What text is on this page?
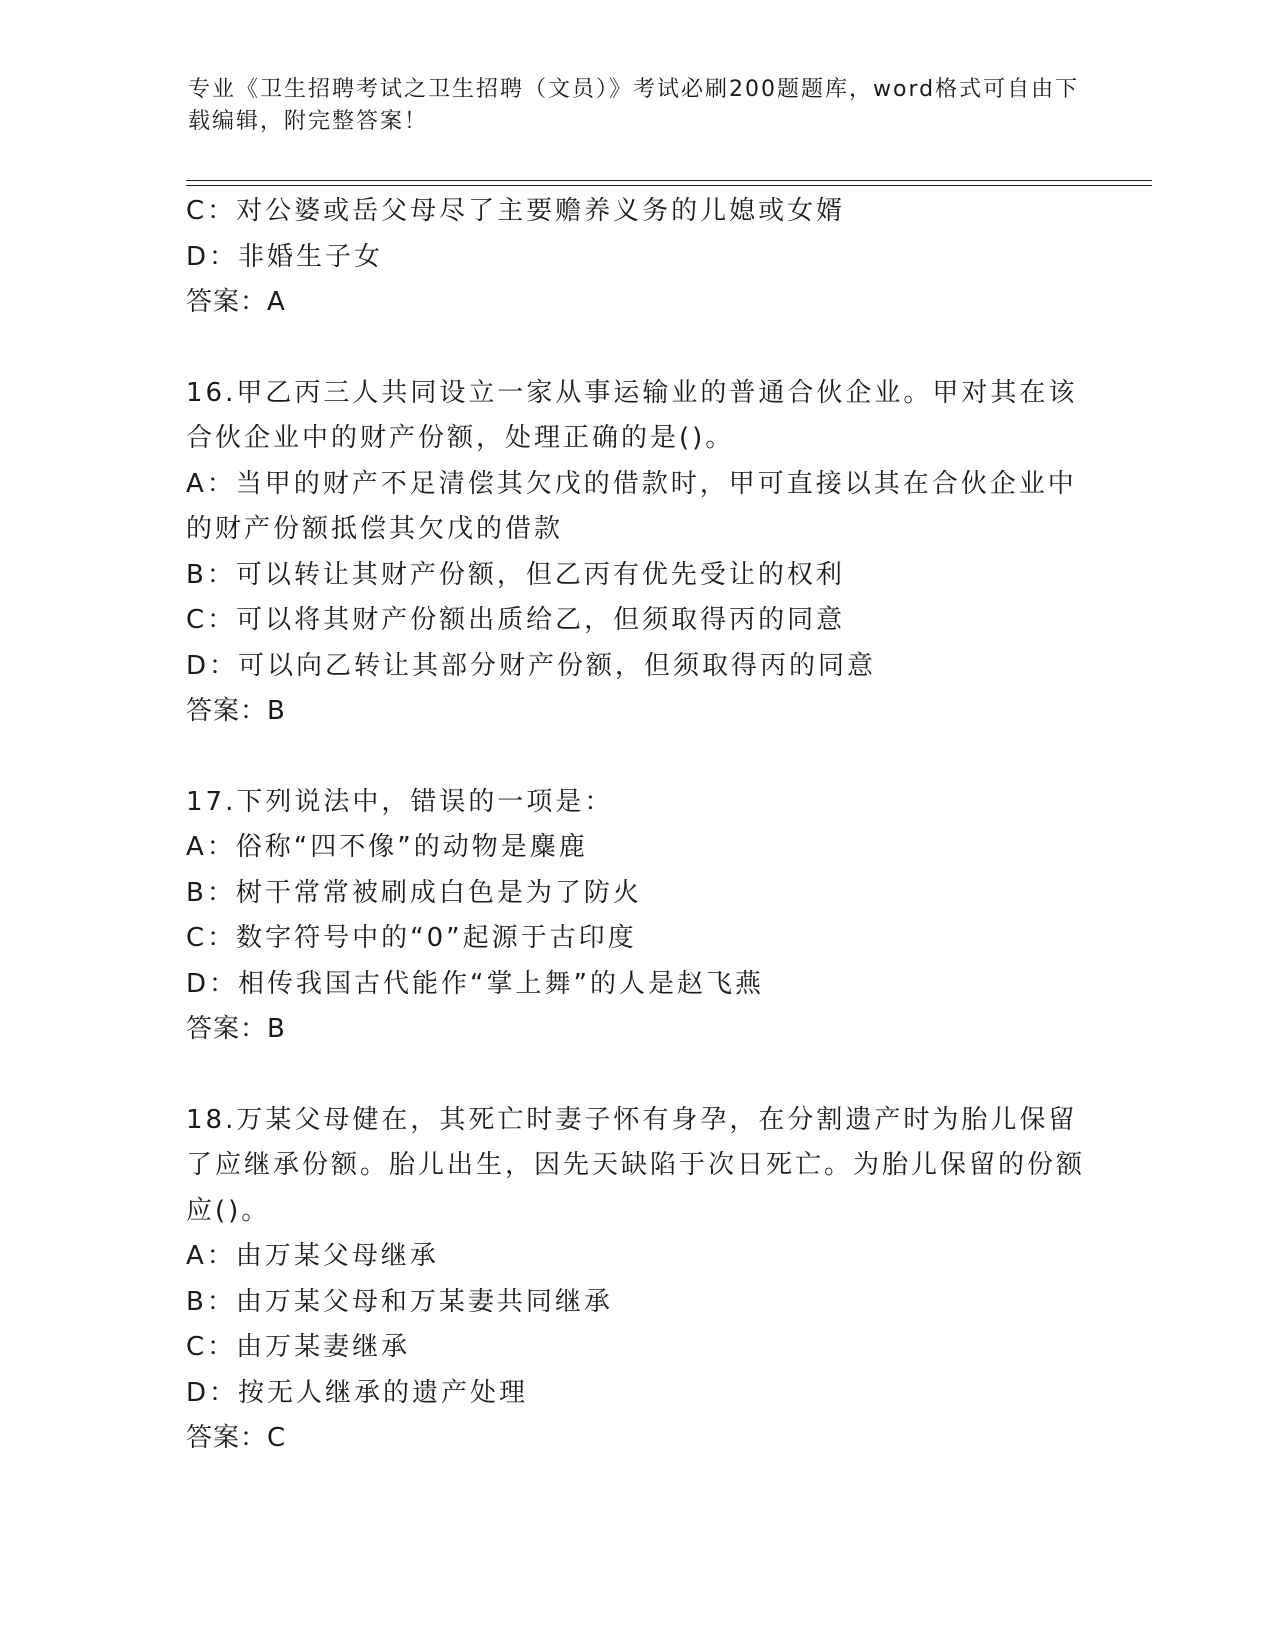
专业《卫生招聘考试之卫生招聘（文员）》考试必刷200题题库，word格式可自由下载编辑，附完整答案！
C：对公婆或岳父母尽了主要赡养义务的儿媳或女婿
D：非婚生子女
答案：A
16.甲乙丙三人共同设立一家从事运输业的普通合伙企业。甲对其在该合伙企业中的财产份额，处理正确的是()。
A：当甲的财产不足清偿其欠戊的借款时，甲可直接以其在合伙企业中的财产份额抵偿其欠戊的借款
B：可以转让其财产份额，但乙丙有优先受让的权利
C：可以将其财产份额出质给乙，但须取得丙的同意
D：可以向乙转让其部分财产份额，但须取得丙的同意
答案：B
17.下列说法中，错误的一项是：
A：俗称“四不像”的动物是麋鹿
B：树干常常被刷成白色是为了防火
C：数字符号中的“0”起源于古印度
D：相传我国古代能作“掌上舞”的人是赵飞燕
答案：B
18.万某父母健在，其死亡时妻子怀有身孕，在分割遗产时为胎儿保留了应继承份额。胎儿出生，因先天缺陷于次日死亡。为胎儿保留的份额应()。
A：由万某父母继承
B：由万某父母和万某妻共同继承
C：由万某妻继承
D：按无人继承的遗产处理
答案：C
